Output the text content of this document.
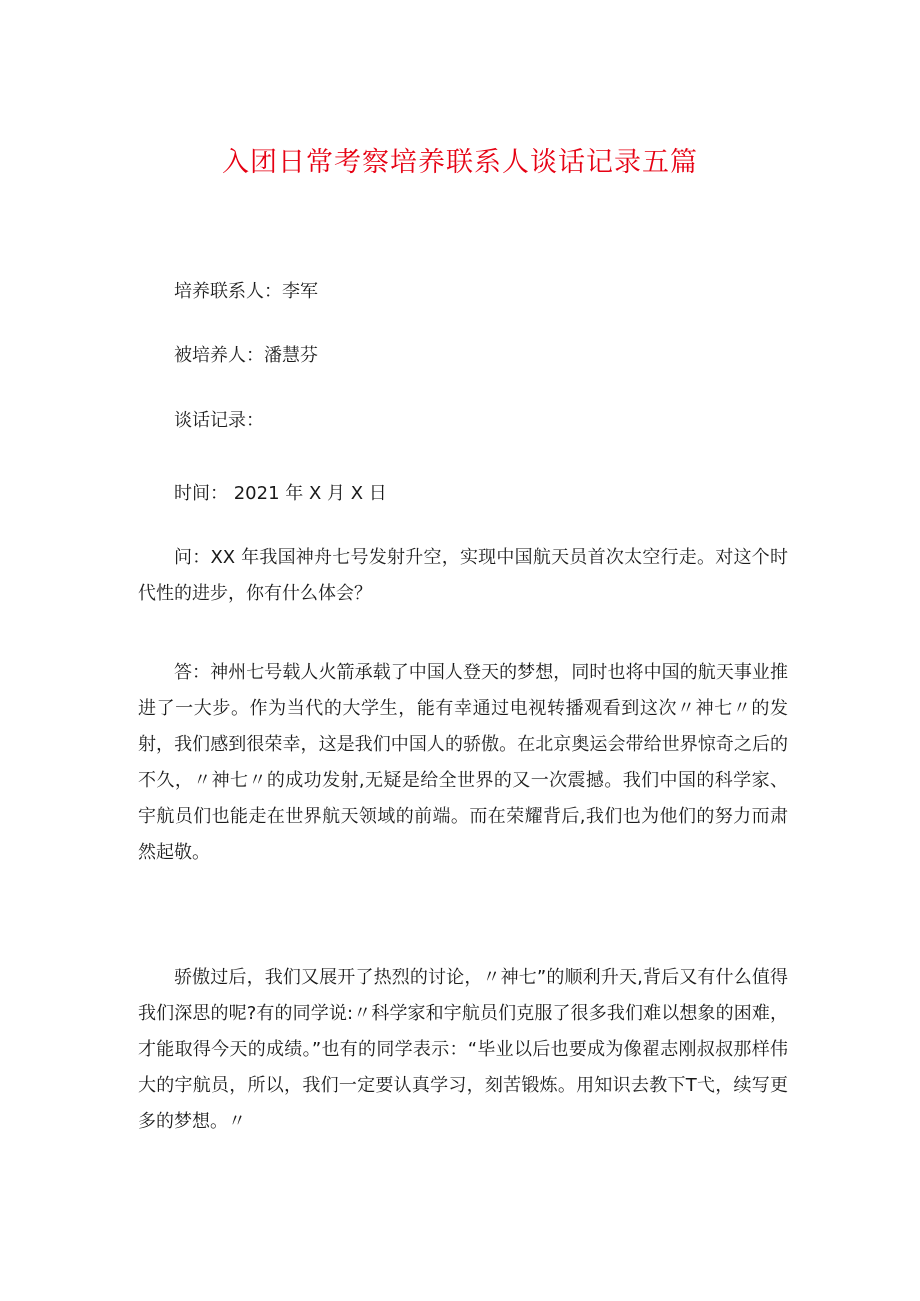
入团日常考察培养联系人谈话记录五篇

培养联系人：李军

被培养人：潘慧芬

谈话记录：

时间： 2021 年 X 月 X 日

问：XX 年我国神舟七号发射升空，实现中国航天员首次太空行走。对这个时代性的进步，你有什么体会？

答：神州七号载人火箭承载了中国人登天的梦想，同时也将中国的航天事业推进了一大步。作为当代的大学生，能有幸通过电视转播观看到这次〃神七〃的发射，我们感到很荣幸，这是我们中国人的骄傲。在北京奥运会带给世界惊奇之后的不久，〃神七〃的成功发射,无疑是给全世界的又一次震撼。我们中国的科学家、宇航员们也能走在世界航天领域的前端。而在荣耀背后,我们也为他们的努力而肃然起敬。

骄傲过后，我们又展开了热烈的讨论，〃神七”的顺利升天,背后又有什么值得我们深思的呢?有的同学说:〃科学家和宇航员们克服了很多我们难以想象的困难，才能取得今天的成绩。”也有的同学表示：“毕业以后也要成为像翟志刚叔叔那样伟大的宇航员，所以，我们一定要认真学习，刻苦锻炼。用知识去教下T弋，续写更多的梦想。〃
